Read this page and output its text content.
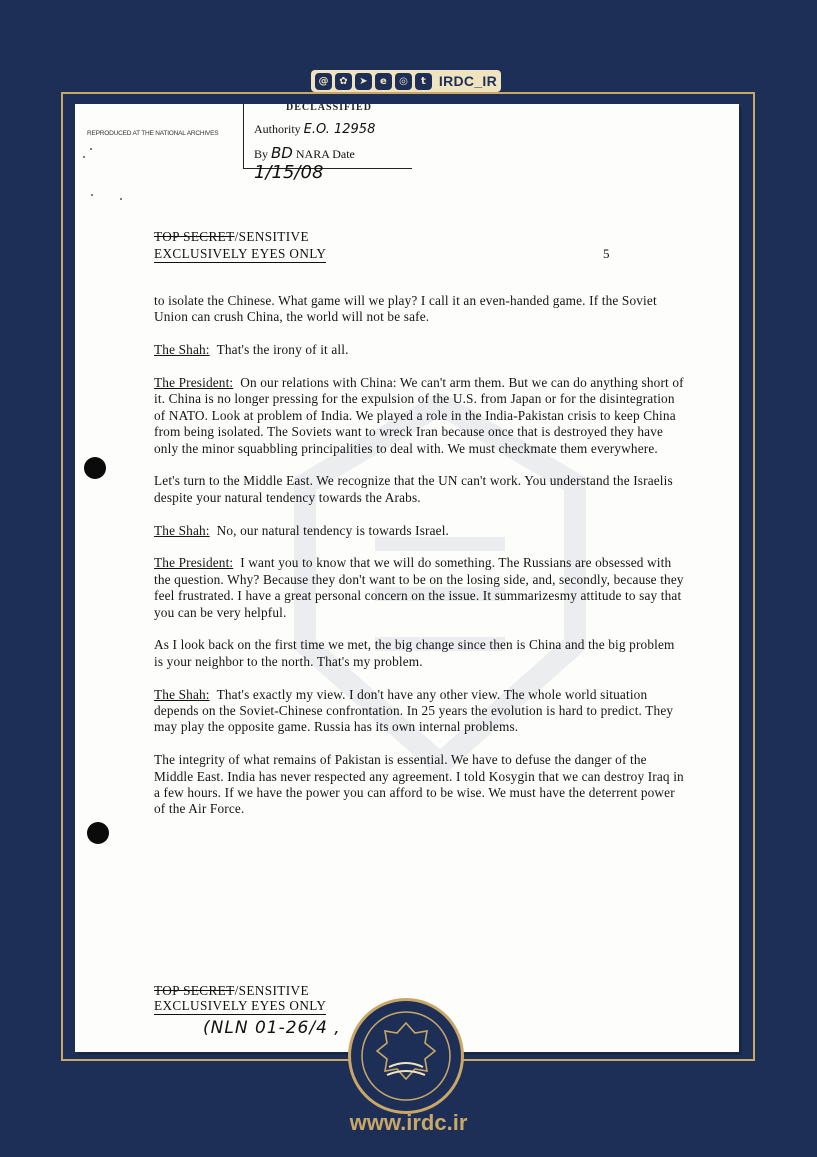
@	✿	➤	e	◎	t IRDC_IR
REPRODUCED AT THE NATIONAL ARCHIVES
DECLASSIFIED
Authority E.O. 12958
By BD NARA Date 1/15/08
TOP SECRET/SENSITIVE
EXCLUSIVELY EYES ONLY	5

to isolate the Chinese. What game will we play? I call it an even-handed game. If the Soviet Union can crush China, the world will not be safe.

The Shah: That's the irony of it all.

The President: On our relations with China: We can't arm them. But we can do anything short of it. China is no longer pressing for the expulsion of the U.S. from Japan or for the disintegration of NATO. Look at problem of India. We played a role in the India-Pakistan crisis to keep China from being isolated. The Soviets want to wreck Iran because once that is destroyed they have only the minor squabbling principalities to deal with. We must checkmate them everywhere.

Let's turn to the Middle East. We recognize that the UN can't work. You understand the Israelis despite your natural tendency towards the Arabs.

The Shah: No, our natural tendency is towards Israel.

The President: I want you to know that we will do something. The Russians are obsessed with the question. Why? Because they don't want to be on the losing side, and, secondly, because they feel frustrated. I have a great personal concern on the issue. It summarizesmy attitude to say that you can be very helpful.

As I look back on the first time we met, the big change since then is China and the big problem is your neighbor to the north. That's my problem.

The Shah: That's exactly my view. I don't have any other view. The whole world situation depends on the Soviet-Chinese confrontation. In 25 years the evolution is hard to predict. They may play the opposite game. Russia has its own internal problems.

The integrity of what remains of Pakistan is essential. We have to defuse the danger of the Middle East. India has never respected any agreement. I told Kosygin that we can destroy Iraq in a few hours. If we have the power you can afford to be wise. We must have the deterrent power of the Air Force.

TOP SECRET/SENSITIVE
EXCLUSIVELY EYES ONLY
(NLN 01-26/4 ,
www.irdc.ir
